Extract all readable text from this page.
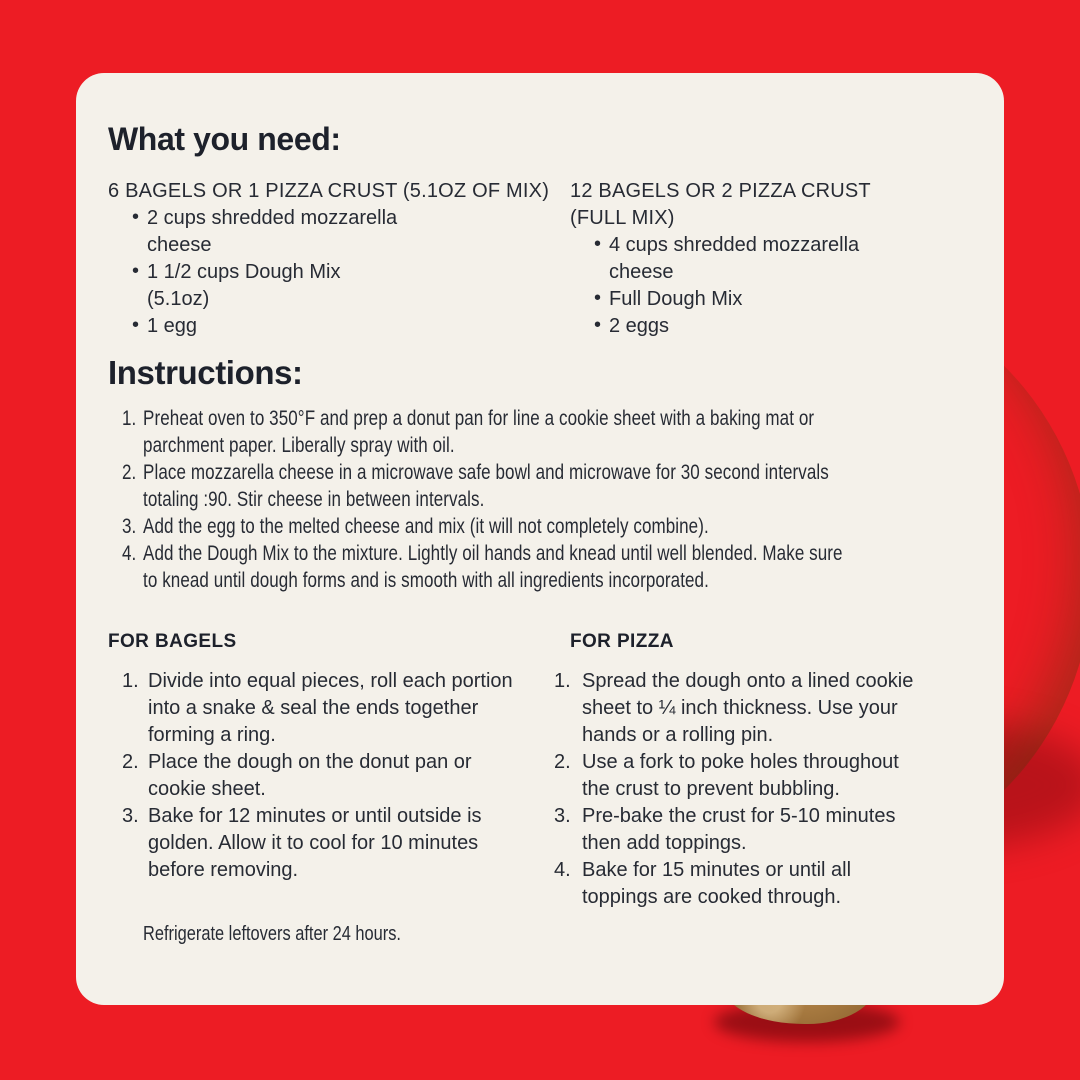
What you need:
6 BAGELS OR 1 PIZZA CRUST (5.1OZ OF MIX)
• 2 cups shredded mozzarella cheese
• 1 1/2 cups Dough Mix (5.1oz)
• 1 egg
12 BAGELS OR 2 PIZZA CRUST (FULL MIX)
• 4 cups shredded mozzarella cheese
• Full Dough Mix
• 2 eggs
Instructions:
Preheat oven to 350°F and prep a donut pan for line a cookie sheet with a baking mat or parchment paper. Liberally spray with oil.
Place mozzarella cheese in a microwave safe bowl and microwave for 30 second intervals totaling :90. Stir cheese in between intervals.
Add the egg to the melted cheese and mix (it will not completely combine).
Add the Dough Mix to the mixture. Lightly oil hands and knead until well blended. Make sure to knead until dough forms and is smooth with all ingredients incorporated.
FOR BAGELS
Divide into equal pieces, roll each portion into a snake & seal the ends together forming a ring.
Place the dough on the donut pan or cookie sheet.
Bake for 12 minutes or until outside is golden. Allow it to cool for 10 minutes before removing.
FOR PIZZA
Spread the dough onto a lined cookie sheet to ¼ inch thickness. Use your hands or a rolling pin.
Use a fork to poke holes throughout the crust to prevent bubbling.
Pre-bake the crust for 5-10 minutes then add toppings.
Bake for 15 minutes or until all toppings are cooked through.
Refrigerate leftovers after 24 hours.
